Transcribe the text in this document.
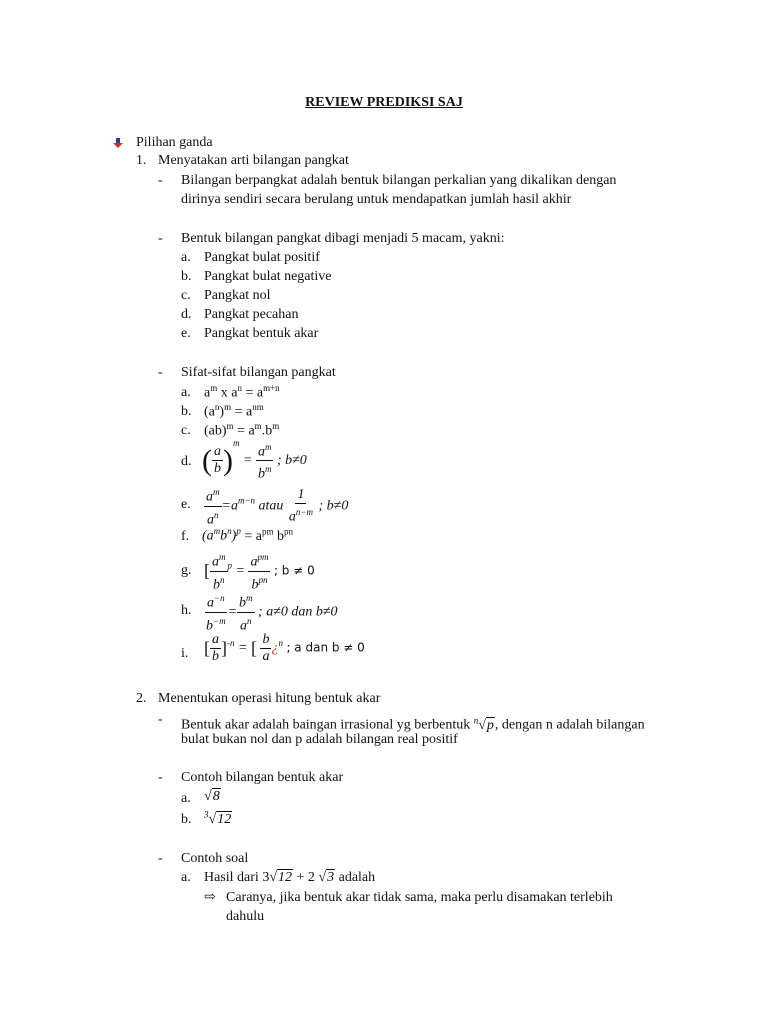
REVIEW PREDIKSI SAJ
Pilihan ganda
1. Menyatakan arti bilangan pangkat
- Bilangan berpangkat adalah bentuk bilangan perkalian yang dikalikan dengan
dirinya sendiri secara berulang untuk mendapatkan jumlah hasil akhir
- Bentuk bilangan pangkat dibagi menjadi 5 macam, yakni:
a. Pangkat bulat positif
b. Pangkat bulat negative
c. Pangkat nol
d. Pangkat pecahan
e. Pangkat bentuk akar
- Sifat-sifat bilangan pangkat
a.
b.
c.
d.
e.
f.
g.
h.
i.
$a^m$ x $a^n = a^{m+n}$
$(a^n)^m = a^{nm}$
$(ab)^m = a^m.b^m$
( $\frac{a}{b} )^m = \frac{a^m}{b^m}$ ; b≠0
$\frac{a^m}{a^n} =a^{m-n}$ atau $\frac{1}{a^{n-m}}$ ; b≠0
$(a^mb^n)^p = a^{pm}$ $b^{pn}$
[ $\frac{a^m}{b^n} ^p = \frac{a^{pm}}{b^{pn}}$ ; b ≠ 0
$\frac{a^{-n}}{b^{-m}} = \frac{b^m}{a^n}$ ; a≠0 dan b≠0
[ $\frac{a}{b} ]^{-n}$ = [ $\frac{b}{a}$ ¿$^n$ ; a dan b ≠ 0
2. Menentukan operasi hitung bentuk akar
- Bentuk akar adalah baingan irrasional yg berbentuk $^n$√p, dengan n adalah bilangan
bulat bukan nol dan p adalah bilangan real positif
- Contoh bilangan bentuk akar
a. √8
b. $^3$√12
- Contoh soal
a. Hasil dari 3√12 + 2 √3 adalah
⇨ Caranya, jika bentuk akar tidak sama, maka perlu disamakan terlebih
dahulu
